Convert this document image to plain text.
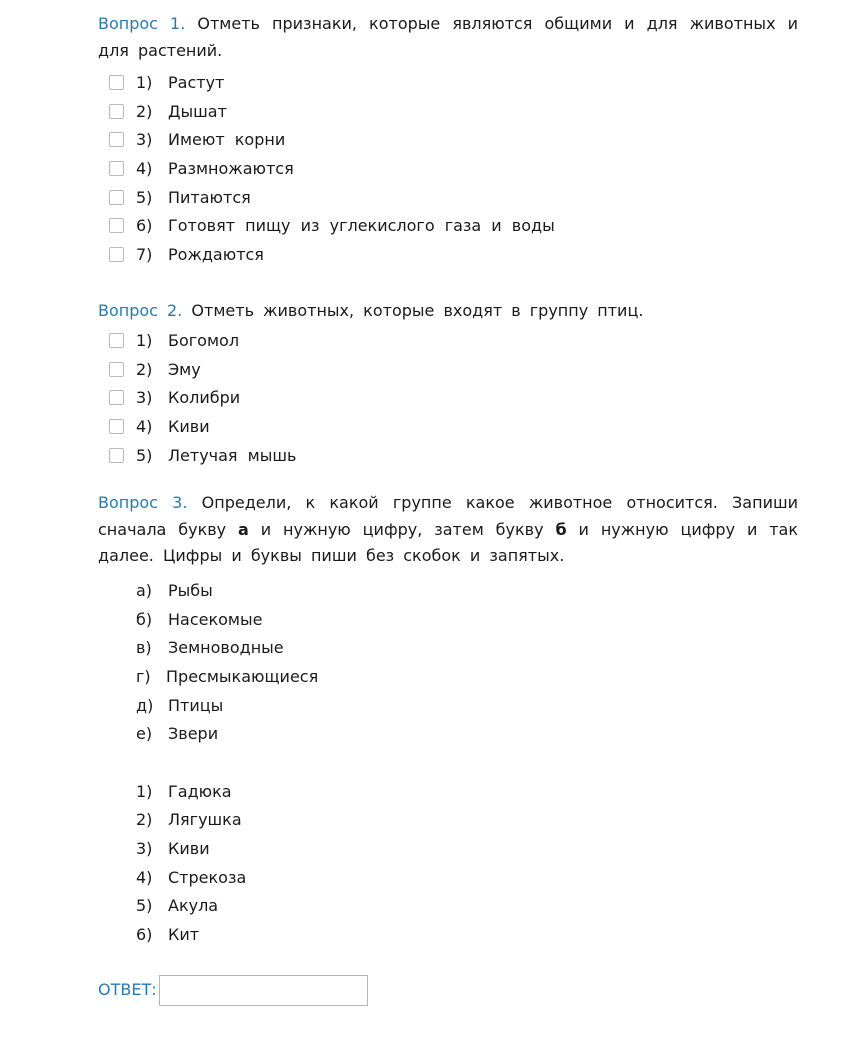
Вопрос 1. Отметь признаки, которые являются общими и для животных и для растений.
1) Растут
2) Дышат
3) Имеют корни
4) Размножаются
5) Питаются
6) Готовят пищу из углекислого газа и воды
7) Рождаются
Вопрос 2. Отметь животных, которые входят в группу птиц.
1) Богомол
2) Эму
3) Колибри
4) Киви
5) Летучая мышь
Вопрос 3. Определи, к какой группе какое животное относится. Запиши сначала букву а и нужную цифру, затем букву б и нужную цифру и так далее. Цифры и буквы пиши без скобок и запятых.
а) Рыбы
б) Насекомые
в)	Земноводные
г) Пресмыкающиеся
д) Птицы
е) Звери
1) Гадюка
2) Лягушка
3) Киви
4) Стрекоза
5) Акула
6) Кит
ОТВЕТ:
